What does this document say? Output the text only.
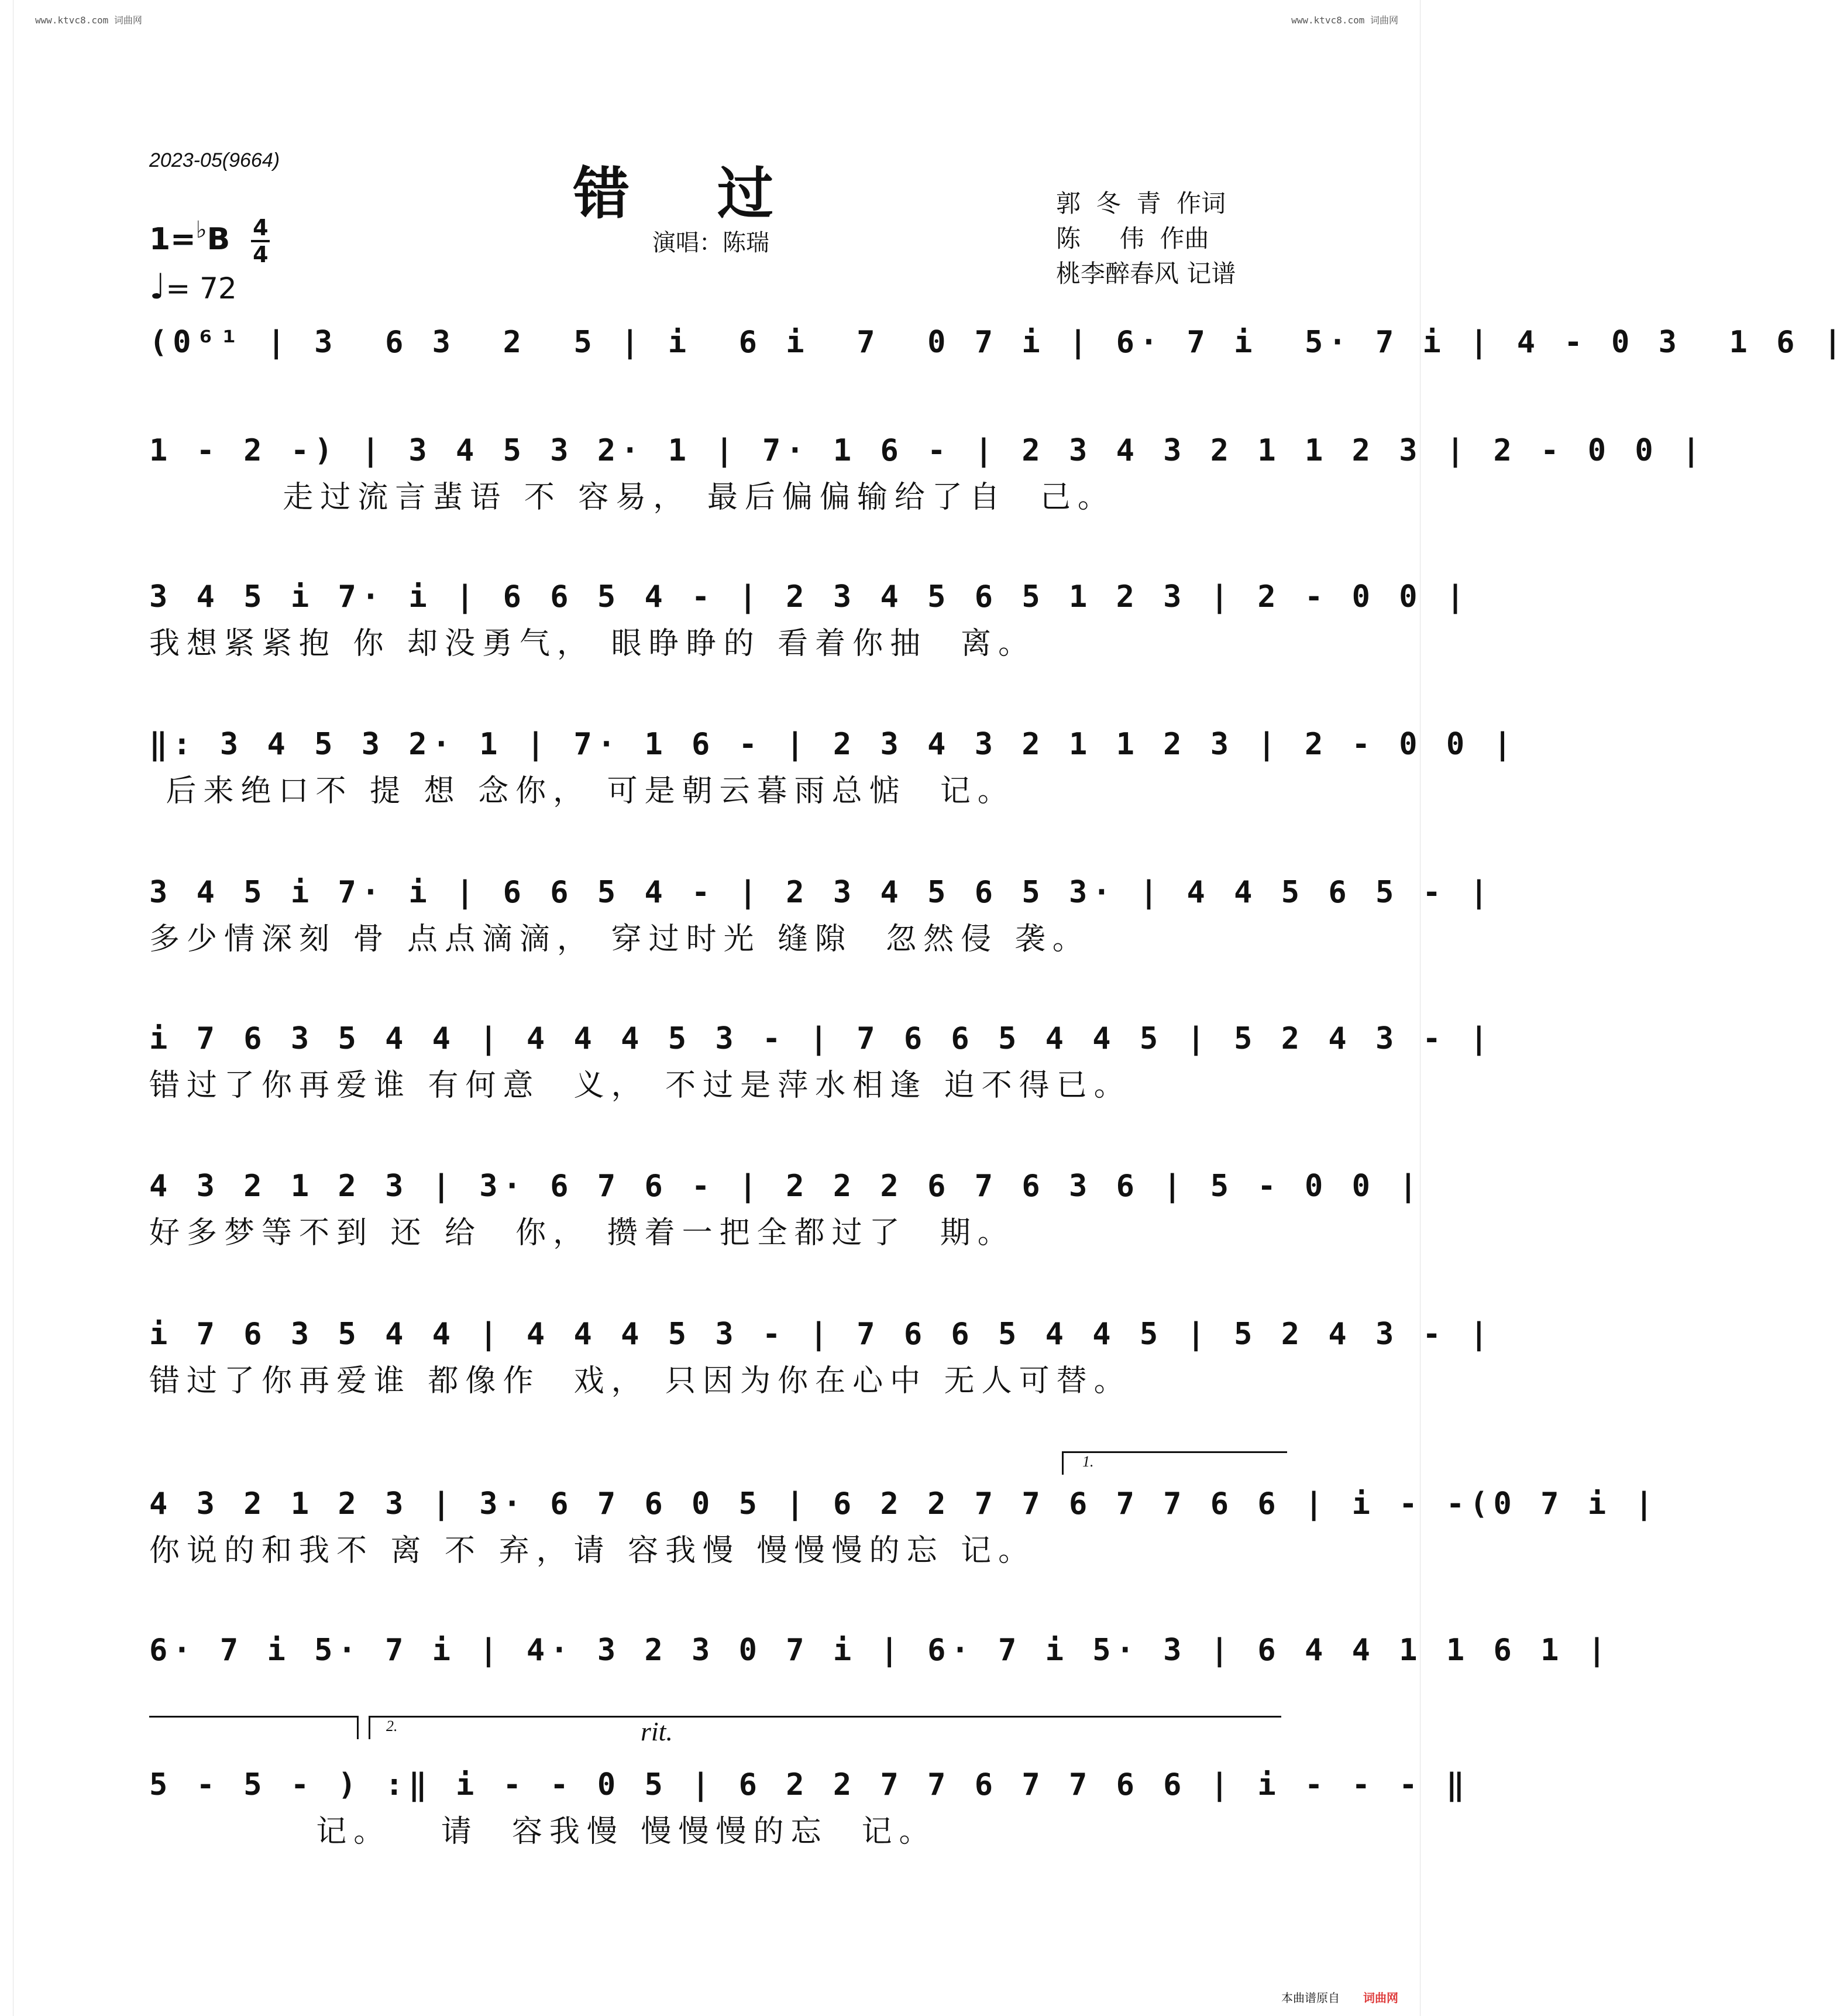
www.ktvc8.com 词曲网	www.ktvc8.com 词曲网
2023-05(9664)	错过
演唱：陈瑞
郭  冬  青  作词
陈     伟  作曲
桃李醉春风 记谱
$1=^♭B \frac{4}{4}$
♩= 72
(0⁶¹ | 3  6 3  2  5 | i  6 i  7  0 7 i | 6· 7 i  5· 7 i | 4 - 0 3  1 6 |
1 - 2 -) | 3 4 5 3 2· 1 | 7· 1 6 - | 2 3 4 3 2 1 1 2 3 | 2 - 0 0 |
走过流言蜚语 不 容易， 最后偏偏输给了自  己。
3 4 5 i 7· i | 6 6 5 4 - | 2 3 4 5 6 5 1 2 3 | 2 - 0 0 |
我想紧紧抱 你 却没勇气， 眼睁睁的 看着你抽  离。
‖: 3 4 5 3 2· 1 | 7· 1 6 - | 2 3 4 3 2 1 1 2 3 | 2 - 0 0 |
后来绝口不 提 想 念你， 可是朝云暮雨总惦  记。
3 4 5 i 7· i | 6 6 5 4 - | 2 3 4 5 6 5 3· | 4 4 5 6 5 - |
多少情深刻 骨 点点滴滴， 穿过时光 缝隙  忽然侵 袭。
i 7 6 3 5 4 4 | 4 4 4 5 3 - | 7 6 6 5 4 4 5 | 5 2 4 3 - |
错过了你再爱谁 有何意  义， 不过是萍水相逢 迫不得已。
4 3 2 1 2 3 | 3· 6 7 6 - | 2 2 2 6 7 6 3 6 | 5 - 0 0 |
好多梦等不到 还 给  你， 攒着一把全都过了  期。
i 7 6 3 5 4 4 | 4 4 4 5 3 - | 7 6 6 5 4 4 5 | 5 2 4 3 - |
错过了你再爱谁 都像作  戏， 只因为你在心中 无人可替。
1.
4 3 2 1 2 3 | 3· 6 7 6 0 5 | 6 2 2 7 7 6 7 7 6 6 | i - -(0 7 i |
你说的和我不 离 不 弃，请 容我慢 慢慢慢的忘 记。
6· 7 i 5· 7 i | 4· 3 2 3 0 7 i | 6· 7 i 5· 3 | 6 4 4 1 1 6 1 |
2.	rit.
5 - 5 - ) :‖ i - - 0 5 | 6 2 2 7 7 6 7 7 6 6 | i - - - ‖
记。   请  容我慢 慢慢慢的忘  记。
本曲谱原自 词曲网
